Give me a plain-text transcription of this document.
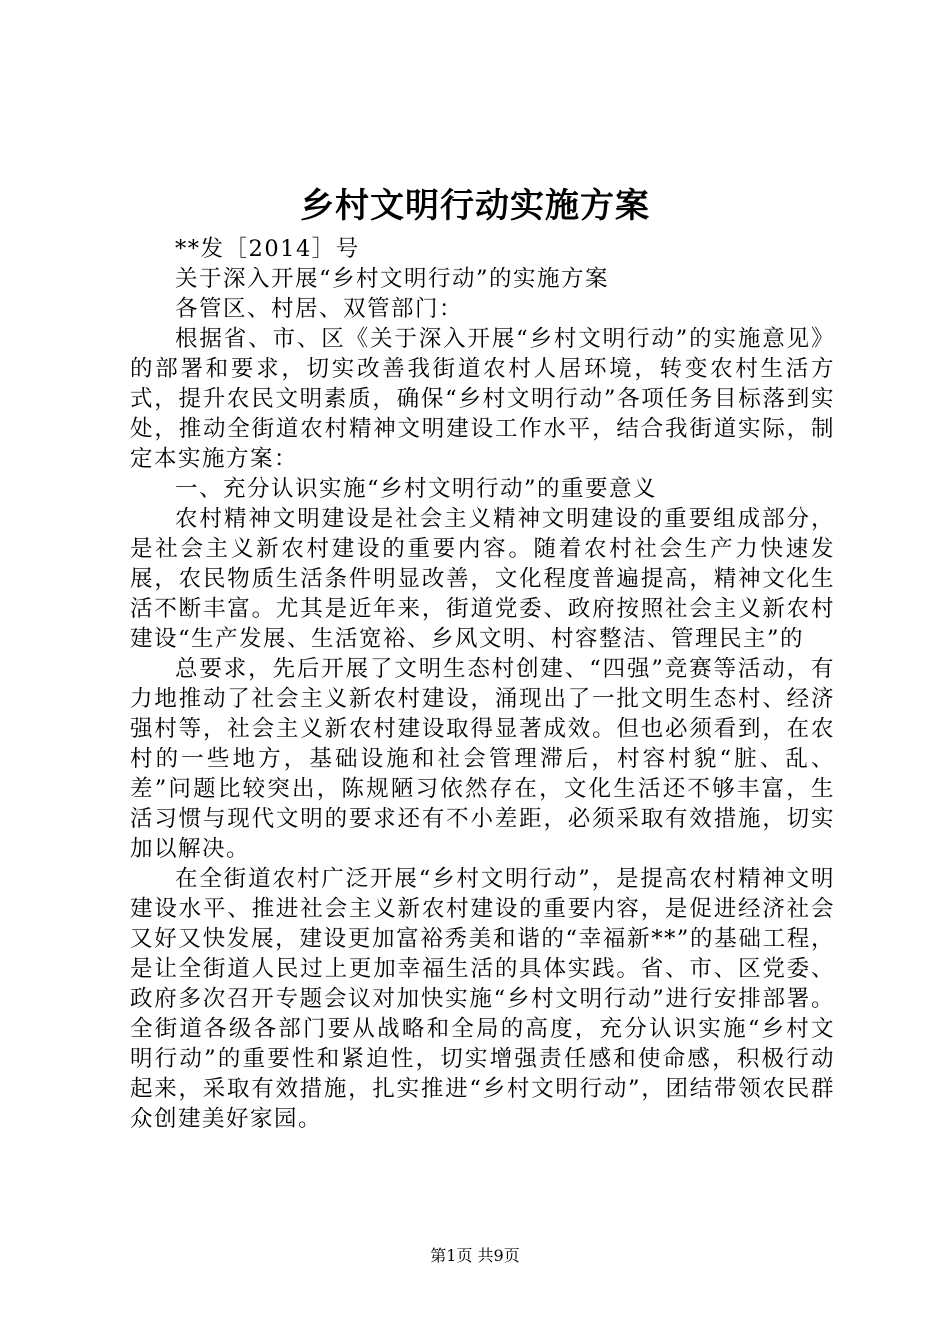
乡村文明行动实施方案

**发［2014］号

关于深入开展“乡村文明行动”的实施方案

各管区、村居、双管部门：

根据省、市、区《关于深入开展“乡村文明行动”的实施意见》的部署和要求，切实改善我街道农村人居环境，转变农村生活方式，提升农民文明素质，确保“乡村文明行动”各项任务目标落到实处，推动全街道农村精神文明建设工作水平，结合我街道实际，制定本实施方案：

一、充分认识实施“乡村文明行动”的重要意义

农村精神文明建设是社会主义精神文明建设的重要组成部分，是社会主义新农村建设的重要内容。随着农村社会生产力快速发展，农民物质生活条件明显改善，文化程度普遍提高，精神文化生活不断丰富。尤其是近年来，街道党委、政府按照社会主义新农村建设“生产发展、生活宽裕、乡风文明、村容整洁、管理民主”的

总要求，先后开展了文明生态村创建、“四强”竞赛等活动，有力地推动了社会主义新农村建设，涌现出了一批文明生态村、经济强村等，社会主义新农村建设取得显著成效。但也必须看到，在农村的一些地方，基础设施和社会管理滞后，村容村貌“脏、乱、差”问题比较突出，陈规陋习依然存在，文化生活还不够丰富，生活习惯与现代文明的要求还有不小差距，必须采取有效措施，切实加以解决。

在全街道农村广泛开展“乡村文明行动”，是提高农村精神文明建设水平、推进社会主义新农村建设的重要内容，是促进经济社会又好又快发展，建设更加富裕秀美和谐的“幸福新**”的基础工程，是让全街道人民过上更加幸福生活的具体实践。省、市、区党委、政府多次召开专题会议对加快实施“乡村文明行动”进行安排部署。全街道各级各部门要从战略和全局的高度，充分认识实施“乡村文明行动”的重要性和紧迫性，切实增强责任感和使命感，积极行动起来，采取有效措施，扎实推进“乡村文明行动”，团结带领农民群众创建美好家园。

第1页 共9页
